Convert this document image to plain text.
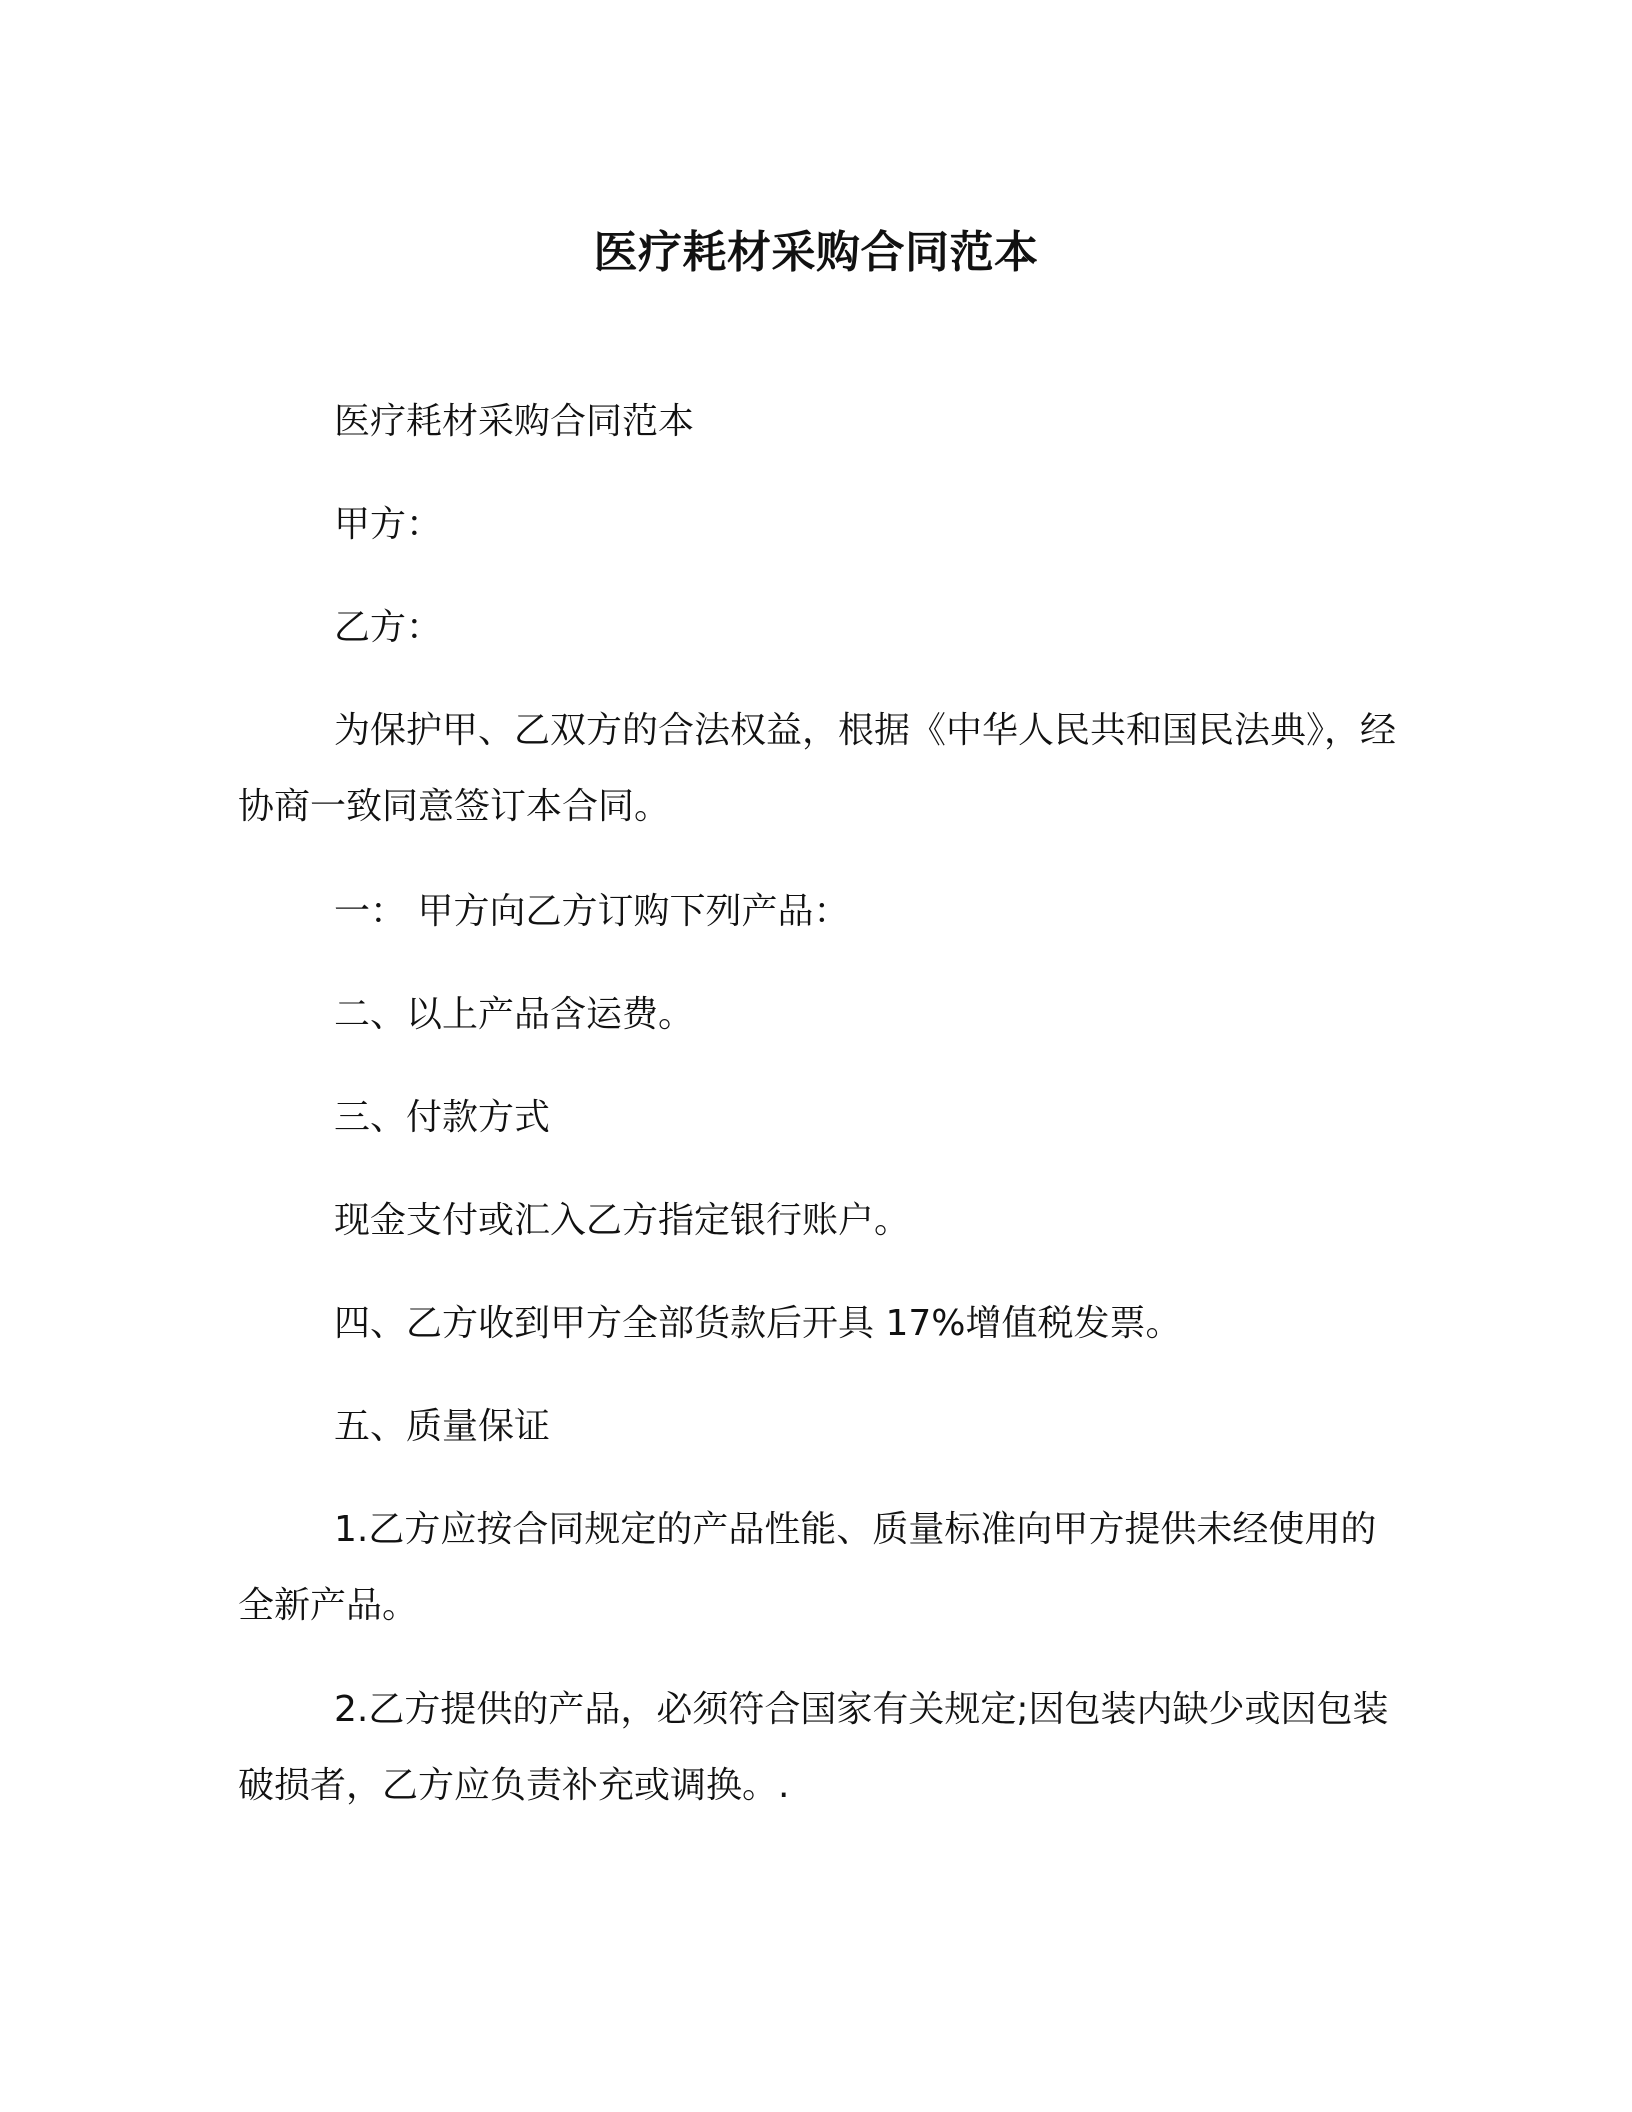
医疗耗材采购合同范本

医疗耗材采购合同范本

甲方：

乙方：

为保护甲、乙双方的合法权益，根据《中华人民共和国民法典》，经协商一致同意签订本合同。

一： 甲方向乙方订购下列产品：

二、以上产品含运费。

三、付款方式

现金支付或汇入乙方指定银行账户。

四、乙方收到甲方全部货款后开具 17%增值税发票。

五、质量保证

1.乙方应按合同规定的产品性能、质量标准向甲方提供未经使用的全新产品。

2.乙方提供的产品，必须符合国家有关规定;因包装内缺少或因包装破损者，乙方应负责补充或调换。.
